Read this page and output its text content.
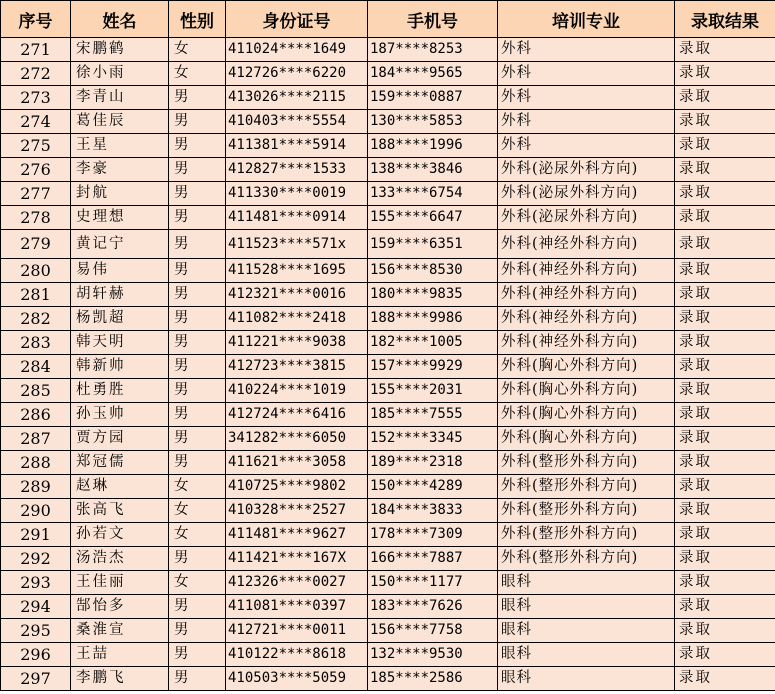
序号	姓名	性别	身份证号	手机号	培训专业	录取结果
271	宋鹏鹤	女	411024****1649	187****8253	外科	录取
272	徐小雨	女	412726****6220	184****9565	外科	录取
273	李青山	男	413026****2115	159****0887	外科	录取
274	葛佳辰	男	410403****5554	130****5853	外科	录取
275	王星	男	411381****5914	188****1996	外科	录取
276	李豪	男	412827****1533	138****3846	外科(泌尿外科方向)	录取
277	封航	男	411330****0019	133****6754	外科(泌尿外科方向)	录取
278	史理想	男	411481****0914	155****6647	外科(泌尿外科方向)	录取
279	黄记宁	男	411523****571x	159****6351	外科(神经外科方向)	录取
280	易伟	男	411528****1695	156****8530	外科(神经外科方向)	录取
281	胡轩赫	男	412321****0016	180****9835	外科(神经外科方向)	录取
282	杨凯超	男	411082****2418	188****9986	外科(神经外科方向)	录取
283	韩天明	男	411221****9038	182****1005	外科(神经外科方向)	录取
284	韩新帅	男	412723****3815	157****9929	外科(胸心外科方向)	录取
285	杜勇胜	男	410224****1019	155****2031	外科(胸心外科方向)	录取
286	孙玉帅	男	412724****6416	185****7555	外科(胸心外科方向)	录取
287	贾方园	男	341282****6050	152****3345	外科(胸心外科方向)	录取
288	郑冠儒	男	411621****3058	189****2318	外科(整形外科方向)	录取
289	赵琳	女	410725****9802	150****4289	外科(整形外科方向)	录取
290	张高飞	女	410328****2527	184****3833	外科(整形外科方向)	录取
291	孙若文	女	411481****9627	178****7309	外科(整形外科方向)	录取
292	汤浩杰	男	411421****167X	166****7887	外科(整形外科方向)	录取
293	王佳丽	女	412326****0027	150****1177	眼科	录取
294	郜怡多	男	411081****0397	183****7626	眼科	录取
295	桑淮宣	男	412721****0011	156****7758	眼科	录取
296	王喆	男	410122****8618	132****9530	眼科	录取
297	李鹏飞	男	410503****5059	185****2586	眼科	录取
